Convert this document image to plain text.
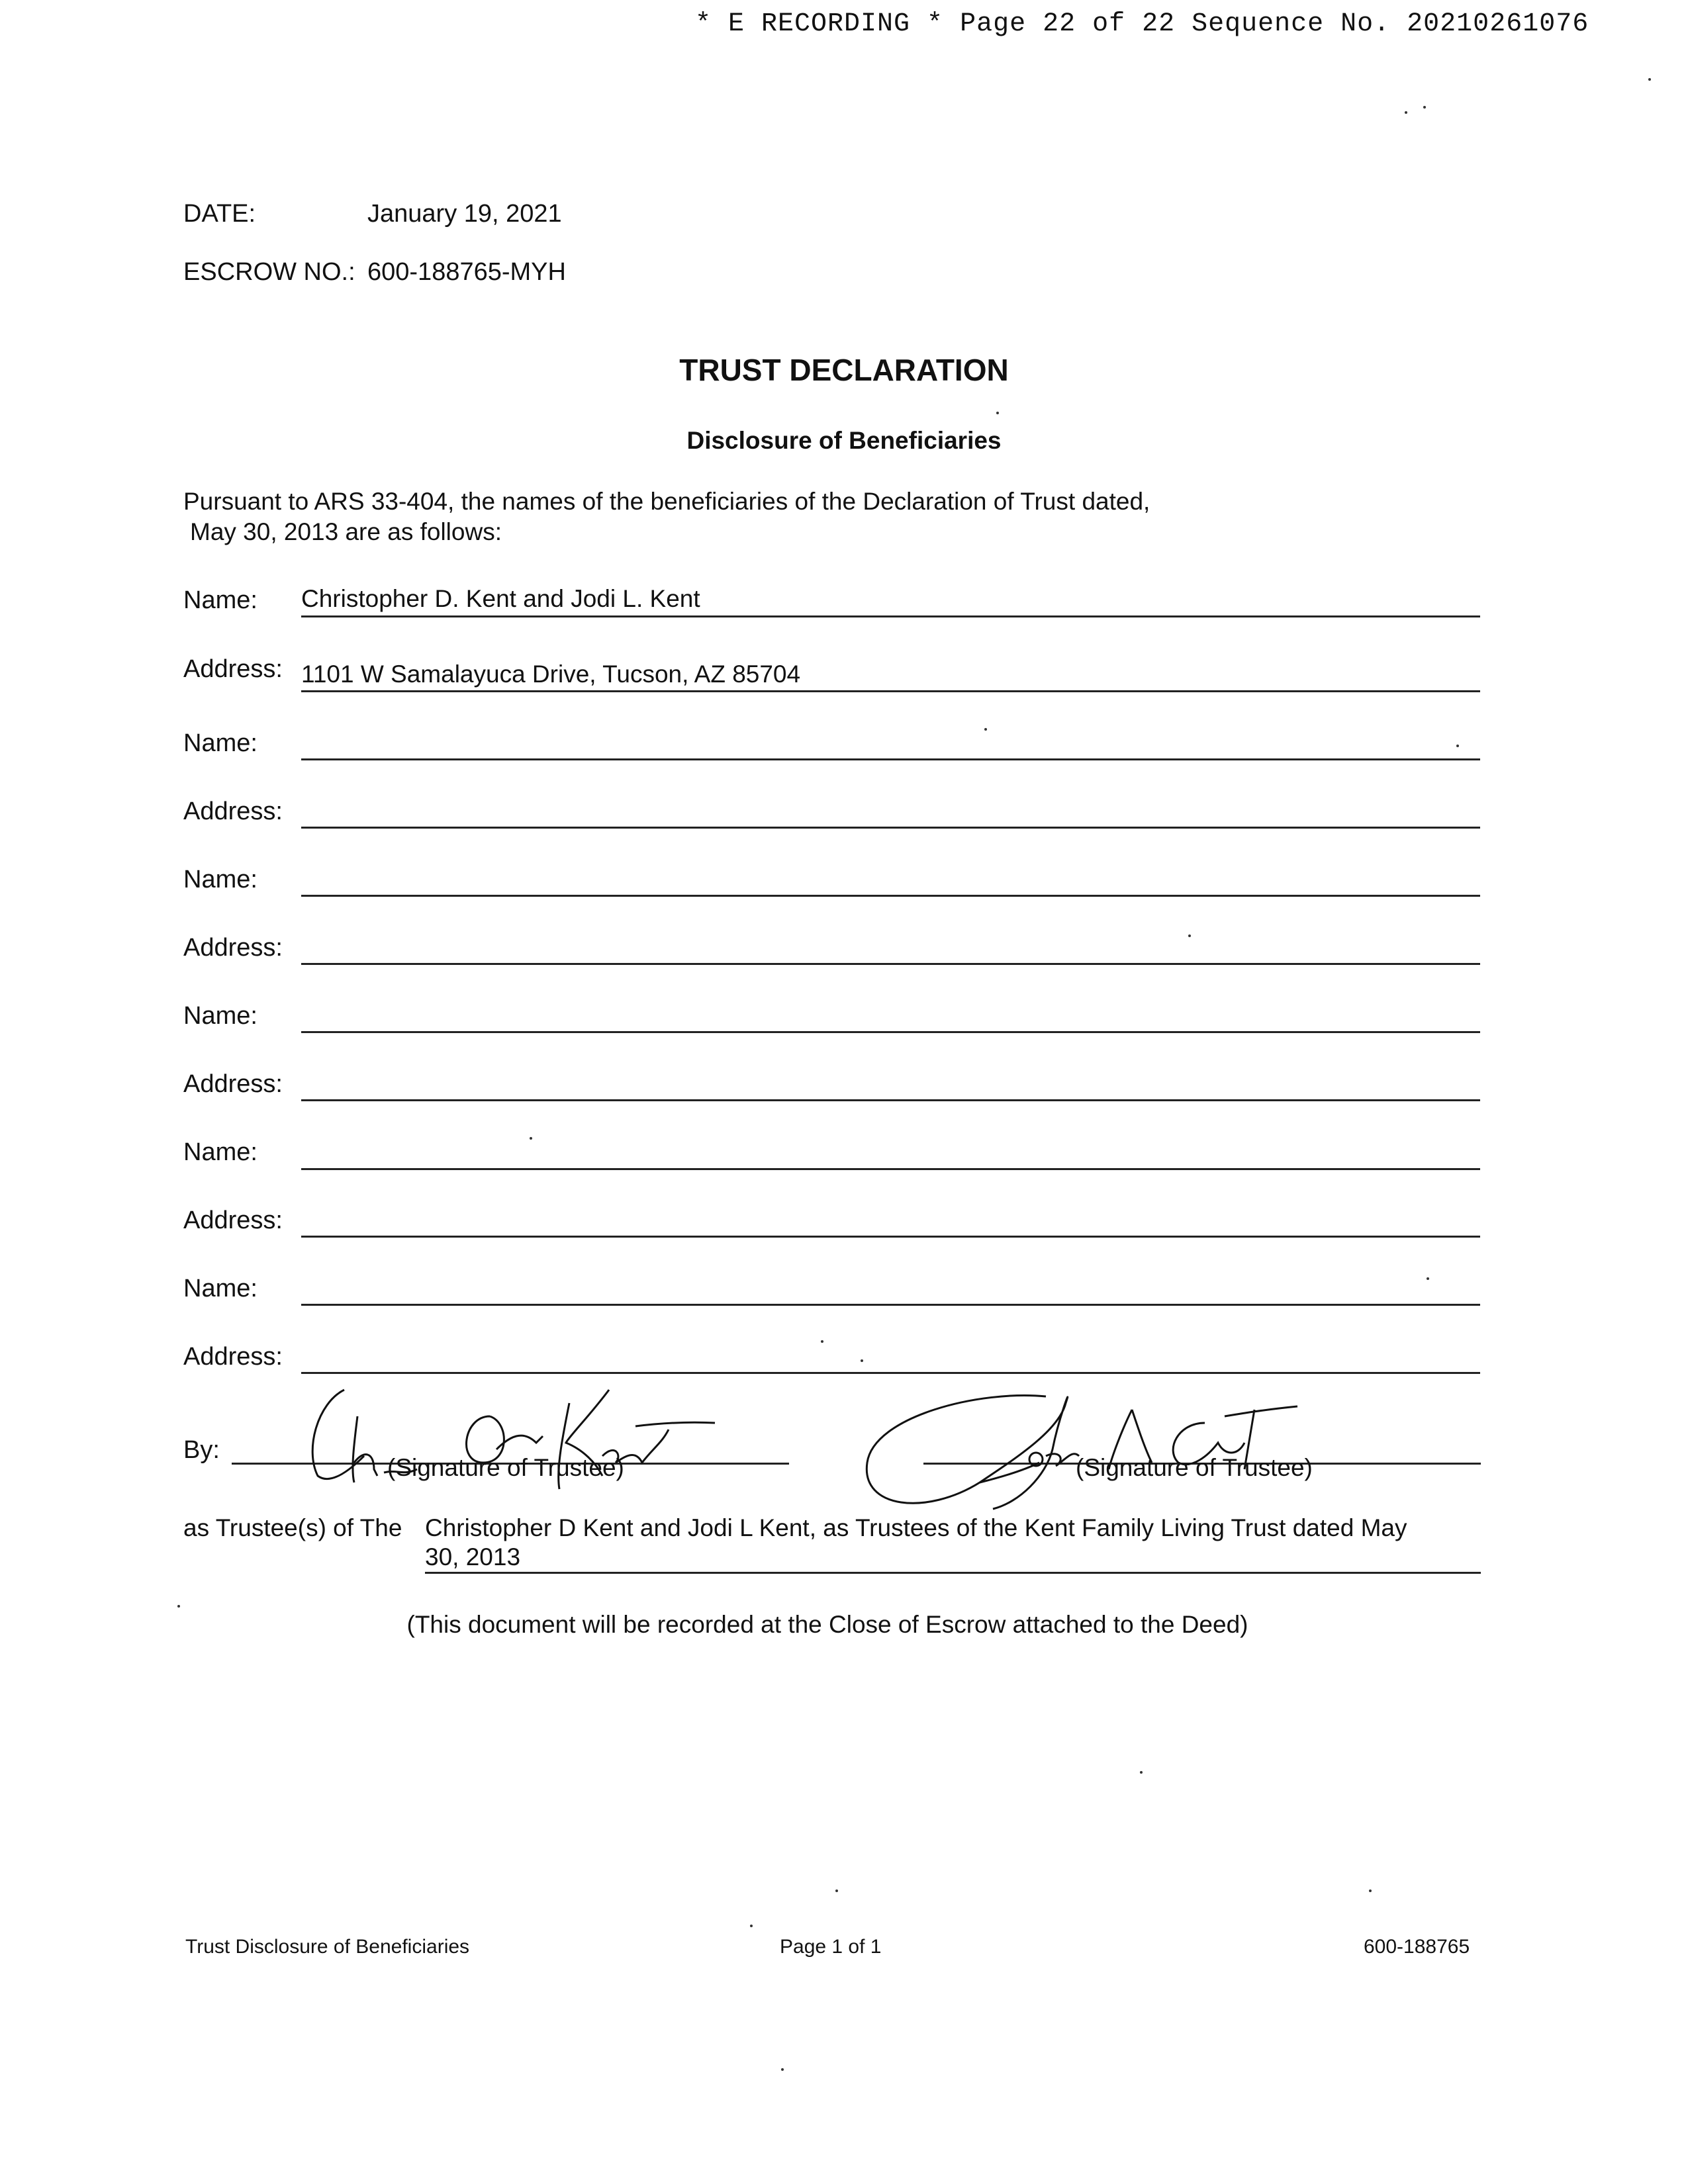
* E RECORDING * Page 22 of 22 Sequence No. 20210261076
DATE:	January 19, 2021
ESCROW NO.: 600-188765-MYH
TRUST DECLARATION
Disclosure of Beneficiaries
Pursuant to ARS 33-404, the names of the beneficiaries of the Declaration of Trust dated,
May 30, 2013 are as follows:
Name: Christopher D. Kent and Jodi L. Kent
Address: 1101 W Samalayuca Drive, Tucson, AZ 85704
Name:
Address:
Name:
Address:
Name:
Address:
Name:
Address:
Name:
Address:
By:
(Signature of Trustee)	(Signature of Trustee)
as Trustee(s) of The Christopher D Kent and Jodi L Kent, as Trustees of the Kent Family Living Trust dated May
30, 2013
(This document will be recorded at the Close of Escrow attached to the Deed)
Trust Disclosure of Beneficiaries	Page 1 of 1	600-188765
